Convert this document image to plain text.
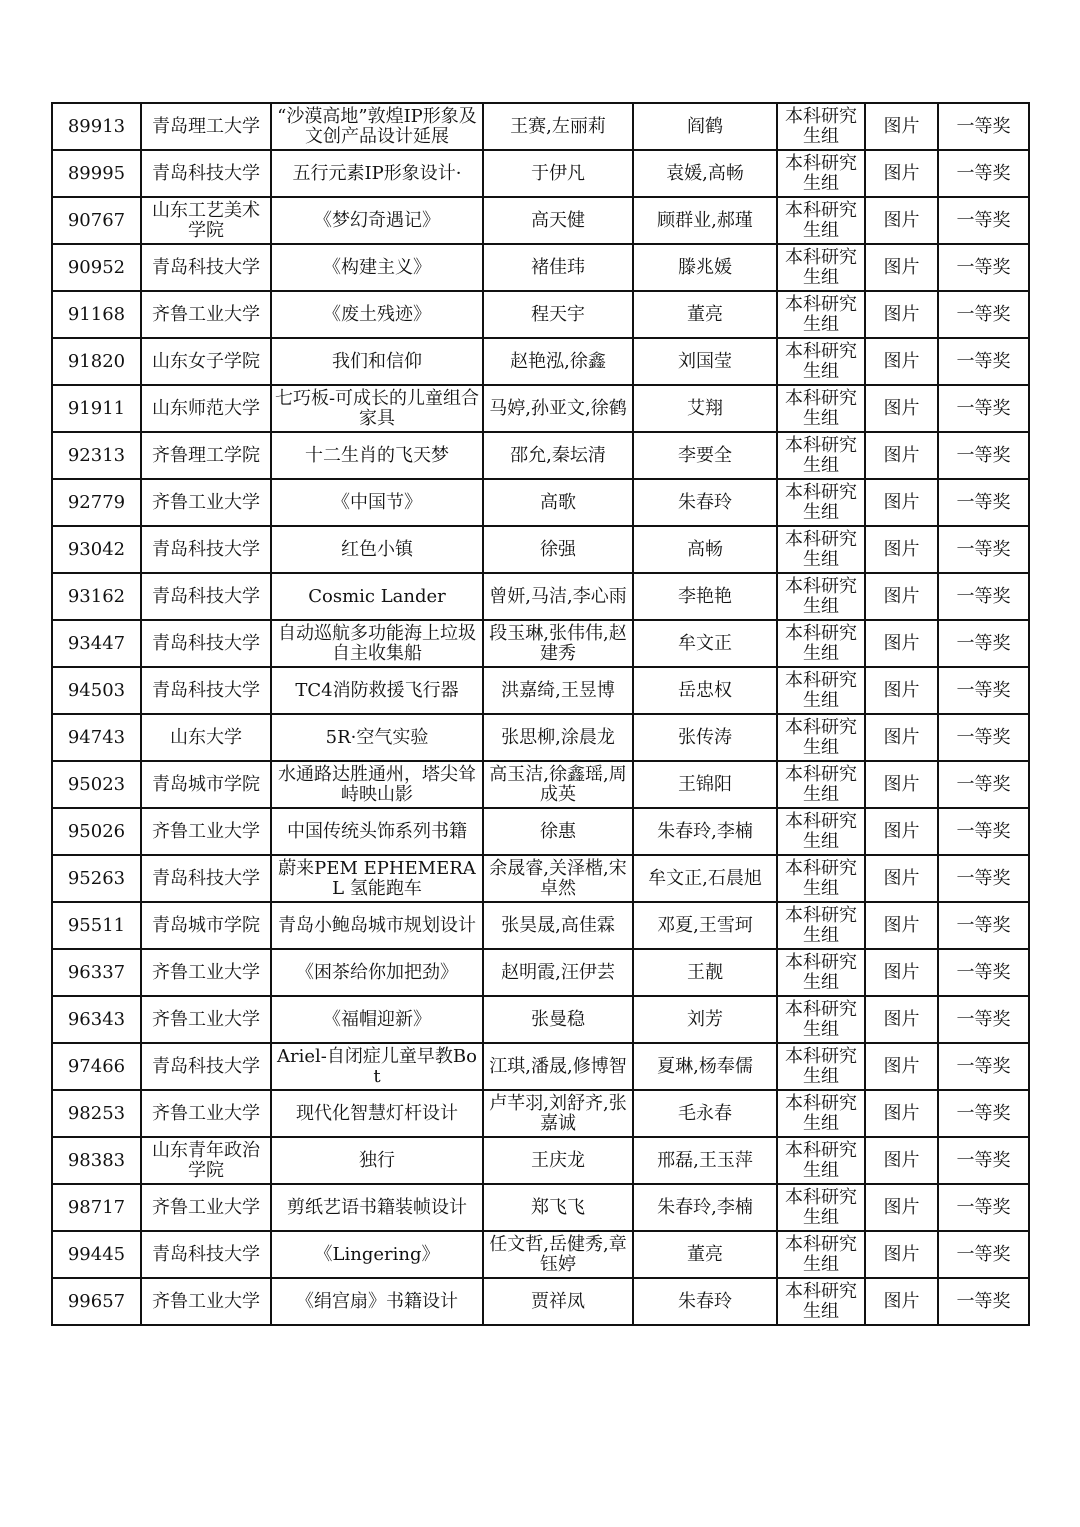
89913	青岛理工大学	“沙漠高地”敦煌IP形象及文创产品设计延展	王赛,左丽莉	阎鹤	本科研究生组	图片	一等奖
89995	青岛科技大学	五行元素IP形象设计·	于伊凡	袁媛,高畅	本科研究生组	图片	一等奖
90767	山东工艺美术学院	《梦幻奇遇记》	高天健	顾群业,郝瑾	本科研究生组	图片	一等奖
90952	青岛科技大学	《构建主义》	褚佳玮	滕兆媛	本科研究生组	图片	一等奖
91168	齐鲁工业大学	《废土残迹》	程天宇	董亮	本科研究生组	图片	一等奖
91820	山东女子学院	我们和信仰	赵艳泓,徐鑫	刘国莹	本科研究生组	图片	一等奖
91911	山东师范大学	七巧板-可成长的儿童组合家具	马婷,孙亚文,徐鹤	艾翔	本科研究生组	图片	一等奖
92313	齐鲁理工学院	十二生肖的飞天梦	邵允,秦坛清	李要全	本科研究生组	图片	一等奖
92779	齐鲁工业大学	《中国节》	高歌	朱春玲	本科研究生组	图片	一等奖
93042	青岛科技大学	红色小镇	徐强	高畅	本科研究生组	图片	一等奖
93162	青岛科技大学	Cosmic Lander	曾妍,马洁,李心雨	李艳艳	本科研究生组	图片	一等奖
93447	青岛科技大学	自动巡航多功能海上垃圾自主收集船	段玉琳,张伟伟,赵建秀	牟文正	本科研究生组	图片	一等奖
94503	青岛科技大学	TC4消防救援飞行器	洪嘉绮,王昱博	岳忠权	本科研究生组	图片	一等奖
94743	山东大学	5R·空气实验	张思柳,涂晨龙	张传涛	本科研究生组	图片	一等奖
95023	青岛城市学院	水通路达胜通州，塔尖耸峙映山影	高玉洁,徐鑫瑶,周成英	王锦阳	本科研究生组	图片	一等奖
95026	齐鲁工业大学	中国传统头饰系列书籍	徐惠	朱春玲,李楠	本科研究生组	图片	一等奖
95263	青岛科技大学	蔚来PEM EPHEMERAL 氢能跑车	余晟睿,关泽楷,宋卓然	牟文正,石晨旭	本科研究生组	图片	一等奖
95511	青岛城市学院	青岛小鲍岛城市规划设计	张昊晟,高佳霖	邓夏,王雪珂	本科研究生组	图片	一等奖
96337	齐鲁工业大学	《困茶给你加把劲》	赵明霞,汪伊芸	王靓	本科研究生组	图片	一等奖
96343	齐鲁工业大学	《福帽迎新》	张曼稳	刘芳	本科研究生组	图片	一等奖
97466	青岛科技大学	Ariel-自闭症儿童早教Bot	江琪,潘晟,修博智	夏琳,杨奉儒	本科研究生组	图片	一等奖
98253	齐鲁工业大学	现代化智慧灯杆设计	卢芊羽,刘舒齐,张嘉诚	毛永春	本科研究生组	图片	一等奖
98383	山东青年政治学院	独行	王庆龙	邢磊,王玉萍	本科研究生组	图片	一等奖
98717	齐鲁工业大学	剪纸艺语书籍装帧设计	郑飞飞	朱春玲,李楠	本科研究生组	图片	一等奖
99445	青岛科技大学	《Lingering》	任文哲,岳健秀,章钰婷	董亮	本科研究生组	图片	一等奖
99657	齐鲁工业大学	《绢宫扇》书籍设计	贾祥凤	朱春玲	本科研究生组	图片	一等奖
